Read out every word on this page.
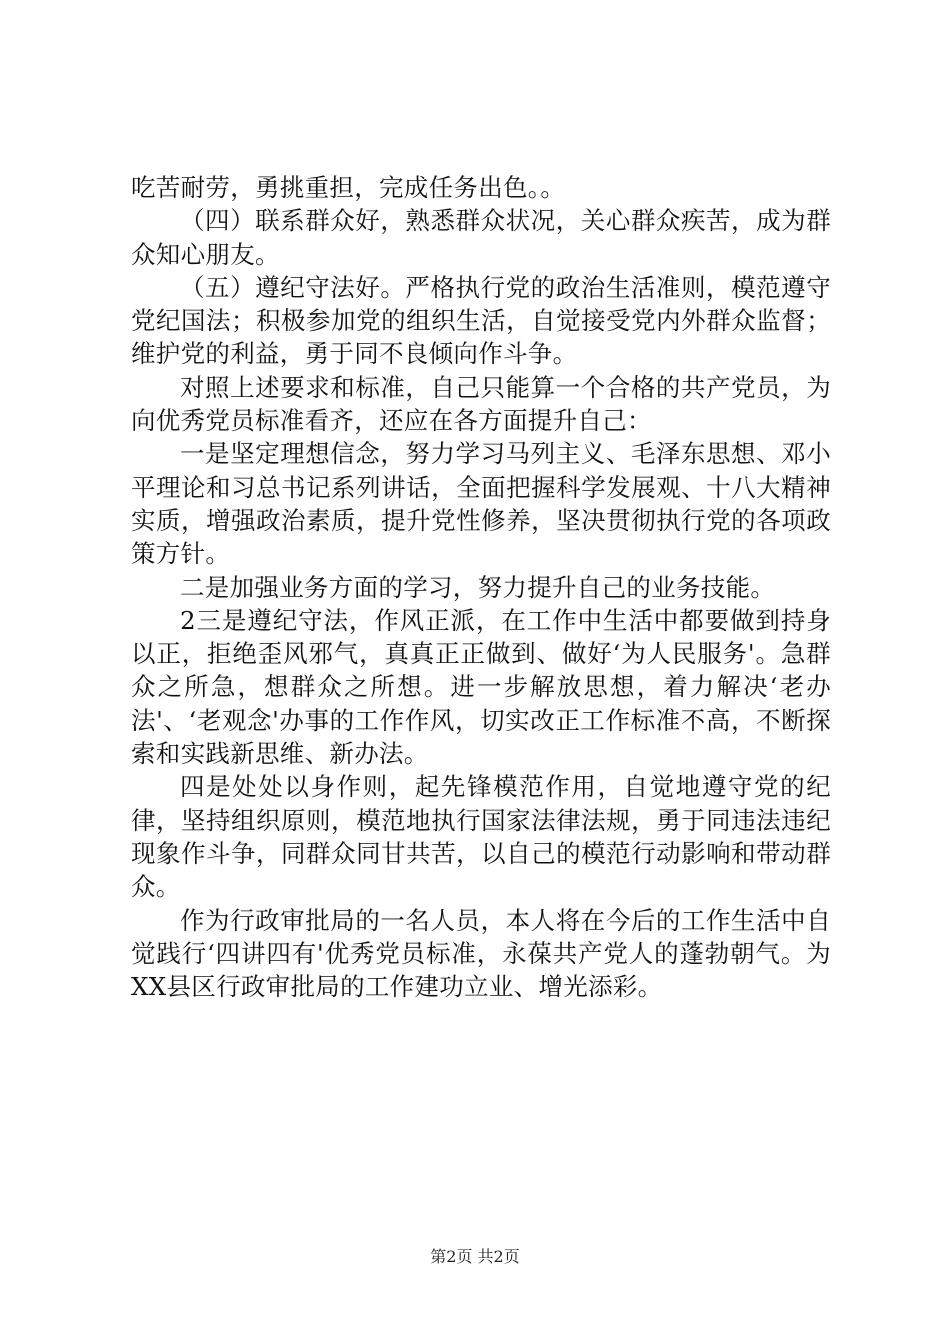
吃苦耐劳，勇挑重担，完成任务出色。。

（四）联系群众好，熟悉群众状况，关心群众疾苦，成为群众知心朋友。

（五）遵纪守法好。严格执行党的政治生活准则，模范遵守党纪国法；积极参加党的组织生活，自觉接受党内外群众监督；维护党的利益，勇于同不良倾向作斗争。

对照上述要求和标准，自己只能算一个合格的共产党员，为向优秀党员标准看齐，还应在各方面提升自己：

一是坚定理想信念，努力学习马列主义、毛泽东思想、邓小平理论和习总书记系列讲话，全面把握科学发展观、十八大精神实质，增强政治素质，提升党性修养，坚决贯彻执行党的各项政策方针。

二是加强业务方面的学习，努力提升自己的业务技能。

2三是遵纪守法，作风正派，在工作中生活中都要做到持身以正，拒绝歪风邪气，真真正正做到、做好‘为人民服务'。急群众之所急，想群众之所想。进一步解放思想，着力解决‘老办法'、‘老观念'办事的工作作风，切实改正工作标准不高，不断探索和实践新思维、新办法。

四是处处以身作则，起先锋模范作用，自觉地遵守党的纪律，坚持组织原则，模范地执行国家法律法规，勇于同违法违纪现象作斗争，同群众同甘共苦，以自己的模范行动影响和带动群众。

作为行政审批局的一名人员，本人将在今后的工作生活中自觉践行‘四讲四有'优秀党员标准，永葆共产党人的蓬勃朝气。为XX县区行政审批局的工作建功立业、增光添彩。

第2页 共2页
